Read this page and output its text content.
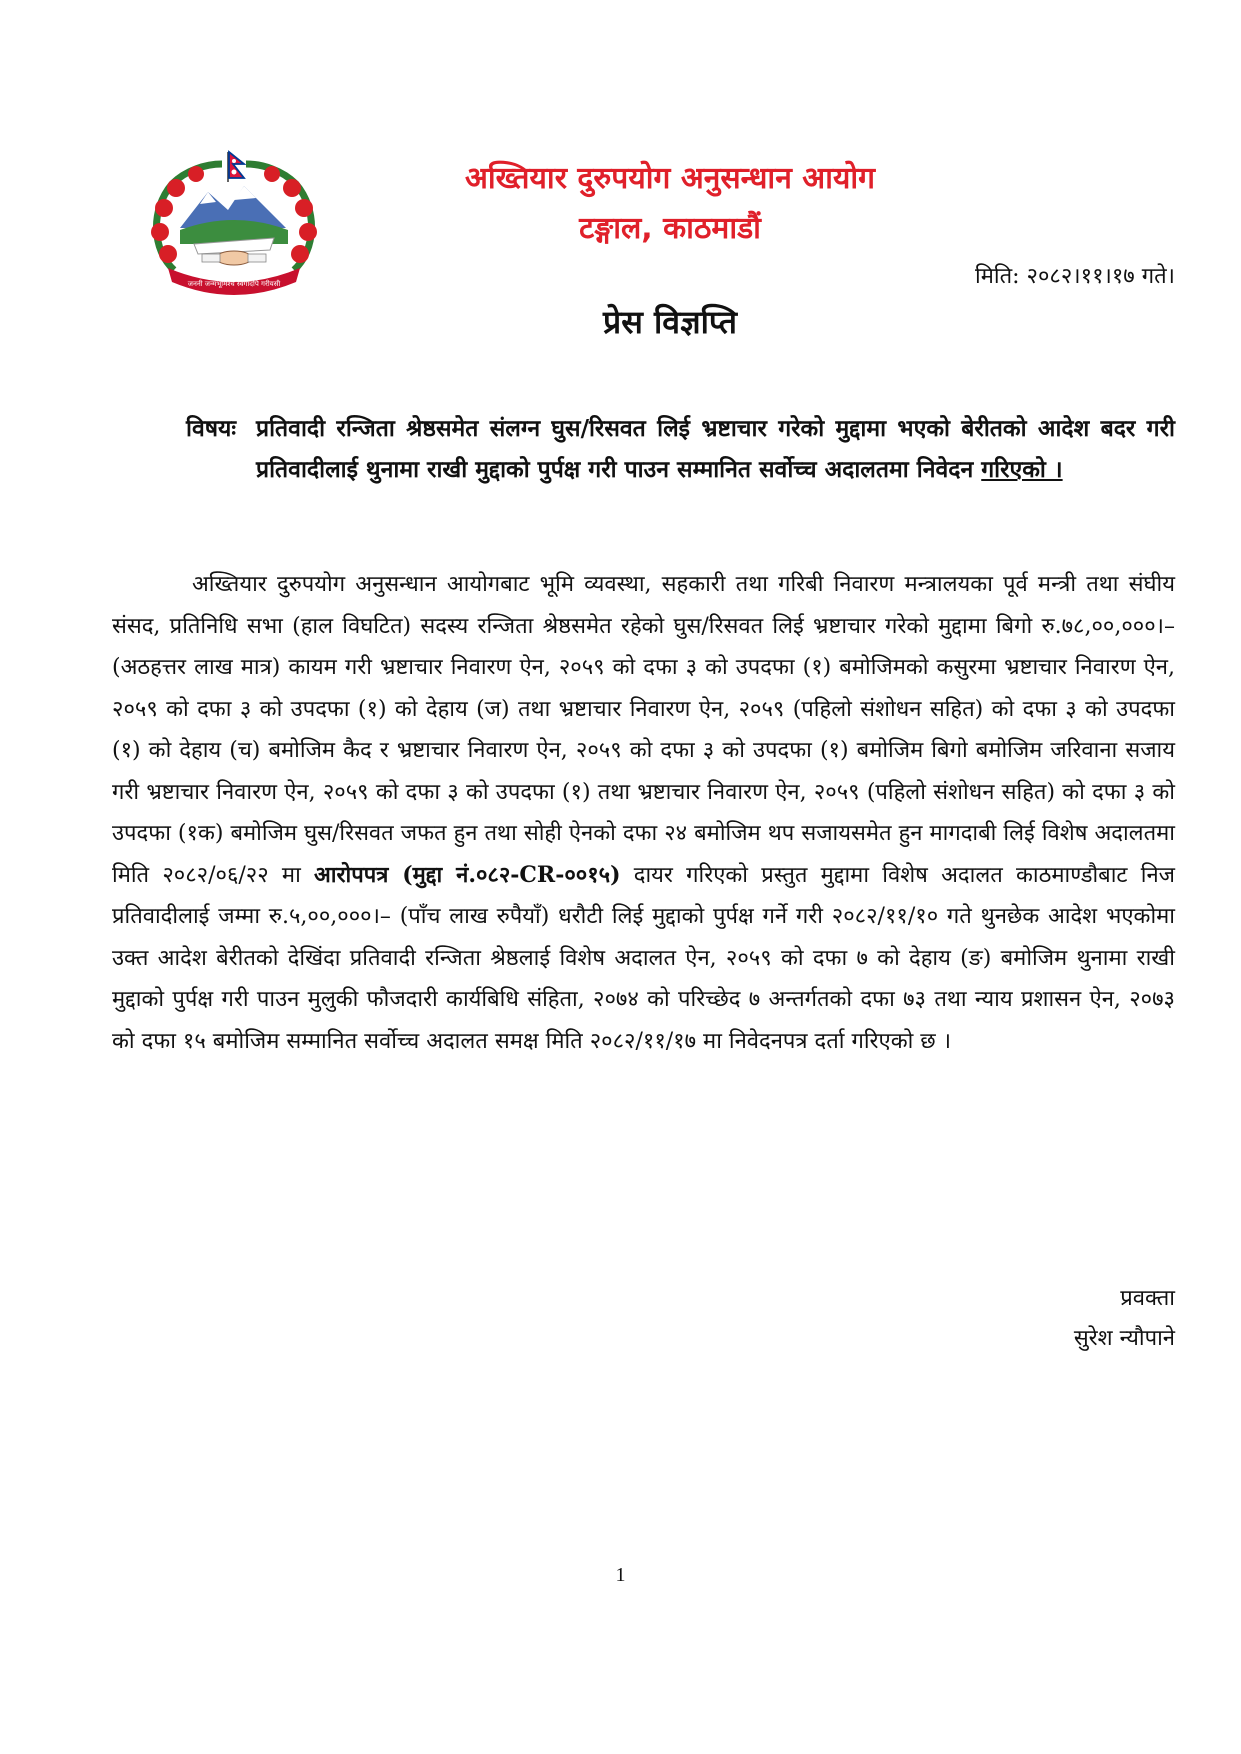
जननी जन्मभूमिश्च स्वर्गादपि गरीयसी
अख्तियार दुरुपयोग अनुसन्धान आयोग
टङ्गाल, काठमाडौं
मिति: २०८२।११।१७ गते।
प्रेस विज्ञप्ति
विषयः प्रतिवादी रन्जिता श्रेष्ठसमेत संलग्न घुस/रिसवत लिई भ्रष्टाचार गरेको मुद्दामा भएको बेरीतको आदेश बदर गरी प्रतिवादीलाई थुनामा राखी मुद्दाको पुर्पक्ष गरी पाउन सम्मानित सर्वोच्च अदालतमा निवेदन गरिएको ।
अख्तियार दुरुपयोग अनुसन्धान आयोगबाट भूमि व्यवस्था, सहकारी तथा गरिबी निवारण मन्त्रालयका पूर्व मन्त्री तथा संघीय संसद, प्रतिनिधि सभा (हाल विघटित) सदस्य रन्जिता श्रेष्ठसमेत रहेको घुस/रिसवत लिई भ्रष्टाचार गरेको मुद्दामा बिगो रु.७८,००,०००।– (अठहत्तर लाख मात्र) कायम गरी भ्रष्टाचार निवारण ऐन, २०५९ को दफा ३ को उपदफा (१) बमोजिमको कसुरमा भ्रष्टाचार निवारण ऐन, २०५९ को दफा ३ को उपदफा (१) को देहाय (ज) तथा भ्रष्टाचार निवारण ऐन, २०५९ (पहिलो संशोधन सहित) को दफा ३ को उपदफा (१) को देहाय (च) बमोजिम कैद र भ्रष्टाचार निवारण ऐन, २०५९ को दफा ३ को उपदफा (१) बमोजिम बिगो बमोजिम जरिवाना सजाय गरी भ्रष्टाचार निवारण ऐन, २०५९ को दफा ३ को उपदफा (१) तथा भ्रष्टाचार निवारण ऐन, २०५९ (पहिलो संशोधन सहित) को दफा ३ को उपदफा (१क) बमोजिम घुस/रिसवत जफत हुन तथा सोही ऐनको दफा २४ बमोजिम थप सजायसमेत हुन मागदाबी लिई विशेष अदालतमा मिति २०८२/०६/२२ मा आरोपपत्र (मुद्दा नं.०८२-CR-००१५) दायर गरिएको प्रस्तुत मुद्दामा विशेष अदालत काठमाण्डौबाट निज प्रतिवादीलाई जम्मा रु.५,००,०००।– (पाँच लाख रुपैयाँ) धरौटी लिई मुद्दाको पुर्पक्ष गर्ने गरी २०८२/११/१० गते थुनछेक आदेश भएकोमा उक्त आदेश बेरीतको देखिंदा प्रतिवादी रन्जिता श्रेष्ठलाई विशेष अदालत ऐन, २०५९ को दफा ७ को देहाय (ङ) बमोजिम थुनामा राखी मुद्दाको पुर्पक्ष गरी पाउन मुलुकी फौजदारी कार्यबिधि संहिता, २०७४ को परिच्छेद ७ अन्तर्गतको दफा ७३ तथा न्याय प्रशासन ऐन, २०७३ को दफा १५ बमोजिम सम्मानित सर्वोच्च अदालत समक्ष मिति २०८२/११/१७ मा निवेदनपत्र दर्ता गरिएको छ ।
प्रवक्ता
सुरेश न्यौपाने
1
